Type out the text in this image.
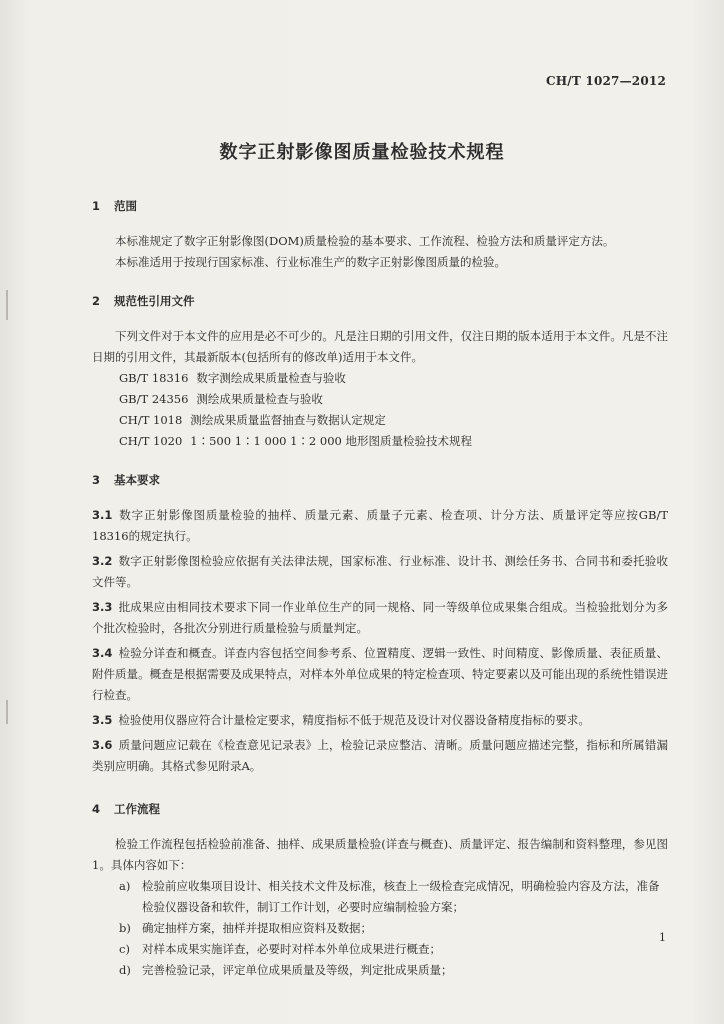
CH/T 1027—2012
数字正射影像图质量检验技术规程
1 范围

本标准规定了数字正射影像图(DOM)质量检验的基本要求、工作流程、检验方法和质量评定方法。

本标准适用于按现行国家标准、行业标准生产的数字正射影像图质量的检验。

2 规范性引用文件

下列文件对于本文件的应用是必不可少的。凡是注日期的引用文件，仅注日期的版本适用于本文件。凡是不注日期的引用文件，其最新版本(包括所有的修改单)适用于本文件。

GB/T 18316 数字测绘成果质量检查与验收
GB/T 24356 测绘成果质量检查与验收
CH/T 1018 测绘成果质量监督抽查与数据认定规定
CH/T 1020 1∶500 1∶1 000 1∶2 000 地形图质量检验技术规程
3 基本要求

3.1 数字正射影像图质量检验的抽样、质量元素、质量子元素、检查项、计分方法、质量评定等应按GB/T 18316的规定执行。

3.2 数字正射影像图检验应依据有关法律法规，国家标准、行业标准、设计书、测绘任务书、合同书和委托验收文件等。

3.3 批成果应由相同技术要求下同一作业单位生产的同一规格、同一等级单位成果集合组成。当检验批划分为多个批次检验时，各批次分别进行质量检验与质量判定。

3.4 检验分详查和概查。详查内容包括空间参考系、位置精度、逻辑一致性、时间精度、影像质量、表征质量、附件质量。概查是根据需要及成果特点，对样本外单位成果的特定检查项、特定要素以及可能出现的系统性错误进行检查。

3.5 检验使用仪器应符合计量检定要求，精度指标不低于规范及设计对仪器设备精度指标的要求。

3.6 质量问题应记载在《检查意见记录表》上，检验记录应整洁、清晰。质量问题应描述完整，指标和所属错漏类别应明确。其格式参见附录A。

4 工作流程

检验工作流程包括检验前准备、抽样、成果质量检验(详查与概查)、质量评定、报告编制和资料整理，参见图1。具体内容如下：

a) 检验前应收集项目设计、相关技术文件及标准，核查上一级检查完成情况，明确检验内容及方法，准备检验仪器设备和软件，制订工作计划，必要时应编制检验方案；
b) 确定抽样方案，抽样并提取相应资料及数据；
c) 对样本成果实施详查，必要时对样本外单位成果进行概查；
d) 完善检验记录，评定单位成果质量及等级，判定批成果质量；
1
